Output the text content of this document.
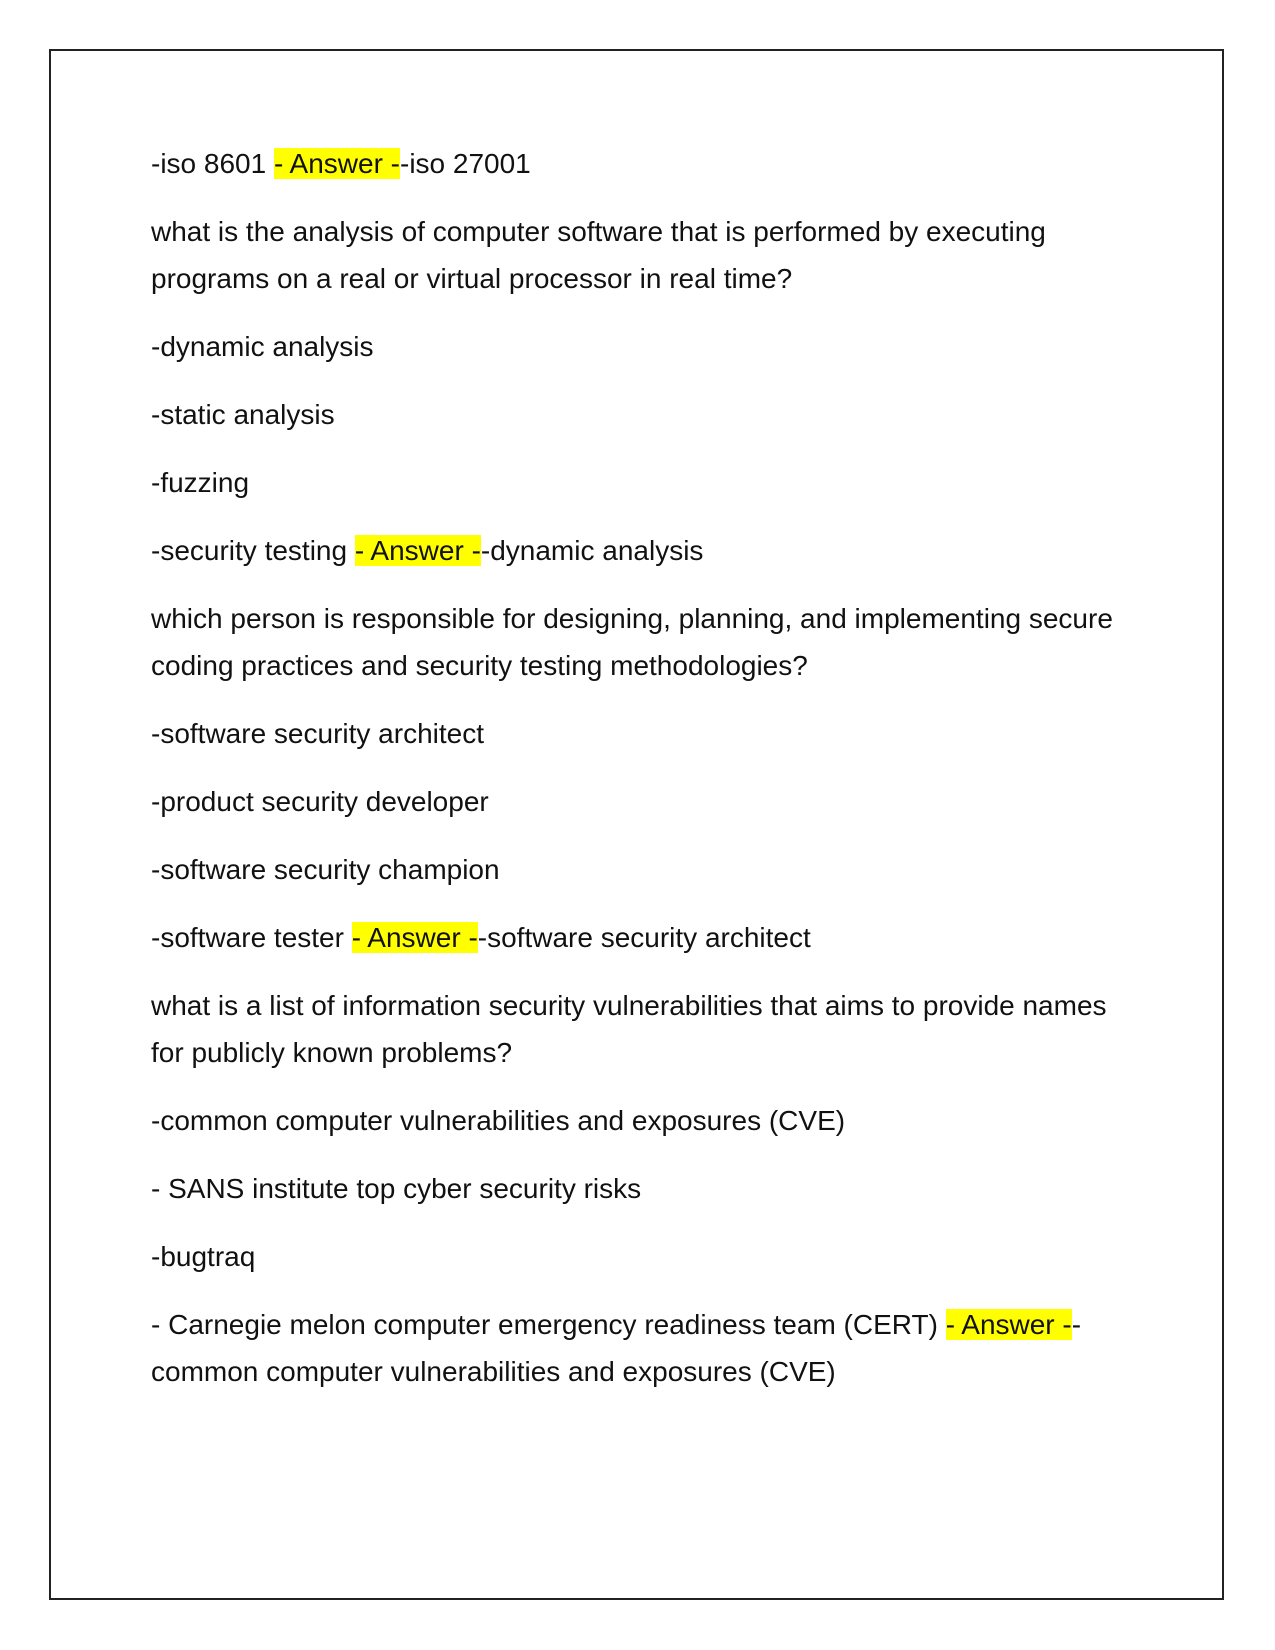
-iso 8601 - Answer --iso 27001

what is the analysis of computer software that is performed by executing programs on a real or virtual processor in real time?

-dynamic analysis

-static analysis

-fuzzing

-security testing - Answer --dynamic analysis

which person is responsible for designing, planning, and implementing secure coding practices and security testing methodologies?

-software security architect

-product security developer

-software security champion

-software tester - Answer --software security architect

what is a list of information security vulnerabilities that aims to provide names for publicly known problems?

-common computer vulnerabilities and exposures (CVE)

- SANS institute top cyber security risks

-bugtraq

- Carnegie melon computer emergency readiness team (CERT) - Answer --common computer vulnerabilities and exposures (CVE)
